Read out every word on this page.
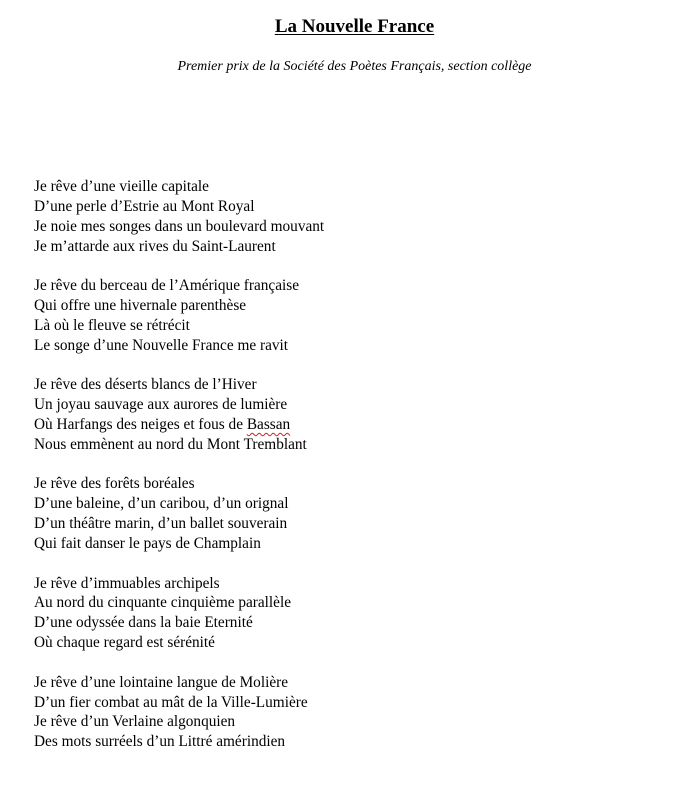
La Nouvelle France

Premier prix de la Société des Poètes Français, section collège

Je rêve d’une vieille capitale
D’une perle d’Estrie au Mont Royal
Je noie mes songes dans un boulevard mouvant
Je m’attarde aux rives du Saint-Laurent
Je rêve du berceau de l’Amérique française
Qui offre une hivernale parenthèse
Là où le fleuve se rétrécit
Le songe d’une Nouvelle France me ravit
Je rêve des déserts blancs de l’Hiver
Un joyau sauvage aux aurores de lumière
Où Harfangs des neiges et fous de Bassan
Nous emmènent au nord du Mont Tremblant
Je rêve des forêts boréales
D’une baleine, d’un caribou, d’un orignal
D’un théâtre marin, d’un ballet souverain
Qui fait danser le pays de Champlain
Je rêve d’immuables archipels
Au nord du cinquante cinquième parallèle
D’une odyssée dans la baie Eternité
Où chaque regard est sérénité
Je rêve d’une lointaine langue de Molière
D’un fier combat au mât de la Ville-Lumière
Je rêve d’un Verlaine algonquien
Des mots surréels d’un Littré amérindien
